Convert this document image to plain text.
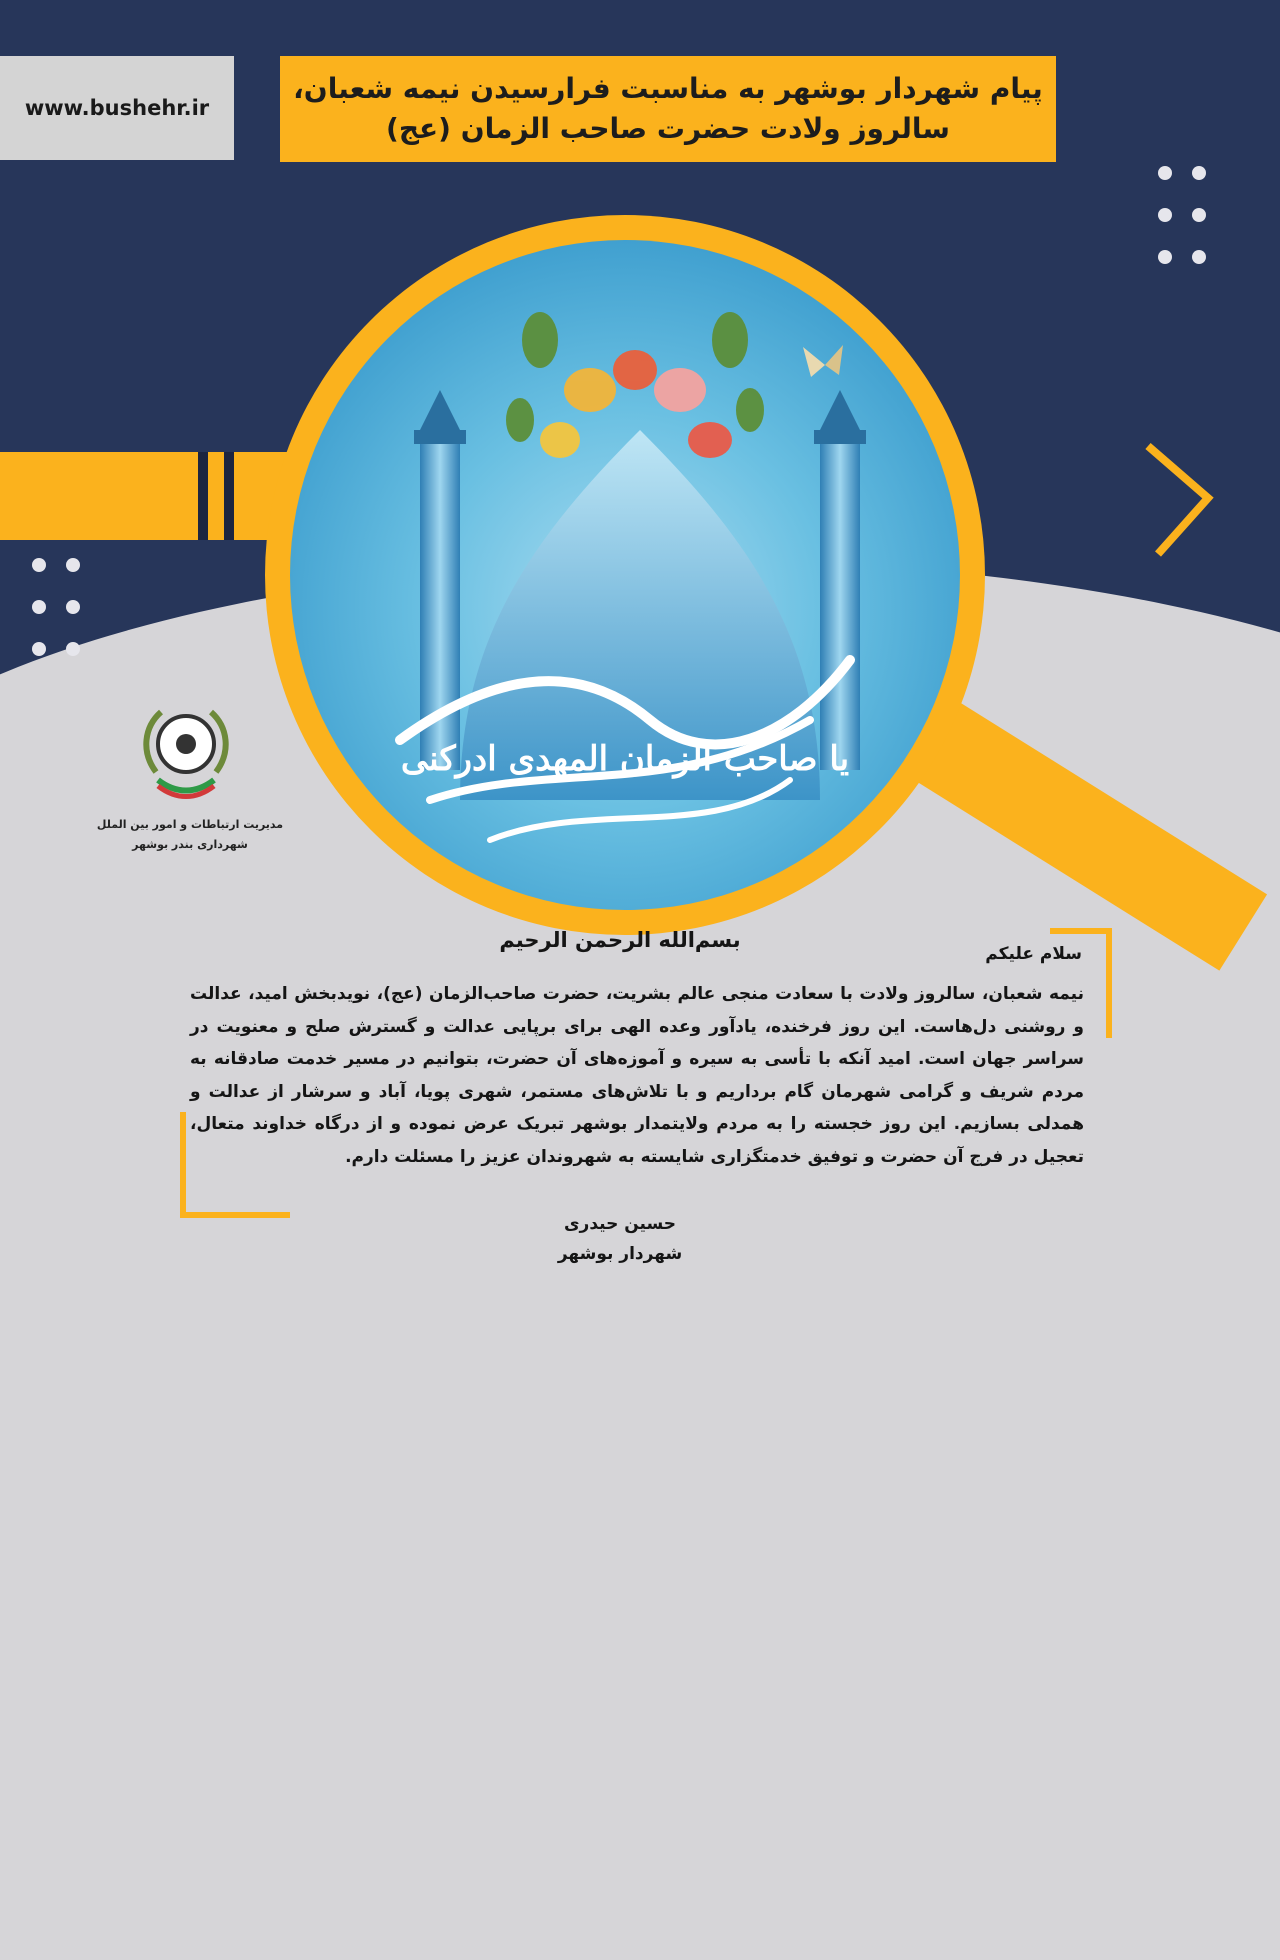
www.bushehr.ir
پیام شهردار بوشهر به مناسبت فرارسیدن نیمه شعبان،
سالروز ولادت حضرت صاحب الزمان (عج)
یا صاحب الزمان المهدی ادرکنی
مدیریت ارتباطات و امور بین الملل
شهرداری بندر بوشهر
بسم‌الله الرحمن الرحیم
سلام علیکم
نیمه شعبان، سالروز ولادت با سعادت منجی عالم بشریت، حضرت صاحب‌الزمان (عج)، نویدبخش امید، عدالت و روشنی دل‌هاست. این روز فرخنده، یادآور وعده الهی برای برپایی عدالت و گسترش صلح و معنویت در سراسر جهان است. امید آنکه با تأسی به سیره و آموزه‌های آن حضرت، بتوانیم در مسیر خدمت صادقانه به مردم شریف و گرامی شهرمان گام برداریم و با تلاش‌های مستمر، شهری پویا، آباد و سرشار از عدالت و همدلی بسازیم. این روز خجسته را به مردم ولایتمدار بوشهر تبریک عرض نموده و از درگاه خداوند متعال، تعجیل در فرج آن حضرت و توفیق خدمتگزاری شایسته به شهروندان عزیز را مسئلت دارم.
حسین حیدری
شهردار بوشهر
